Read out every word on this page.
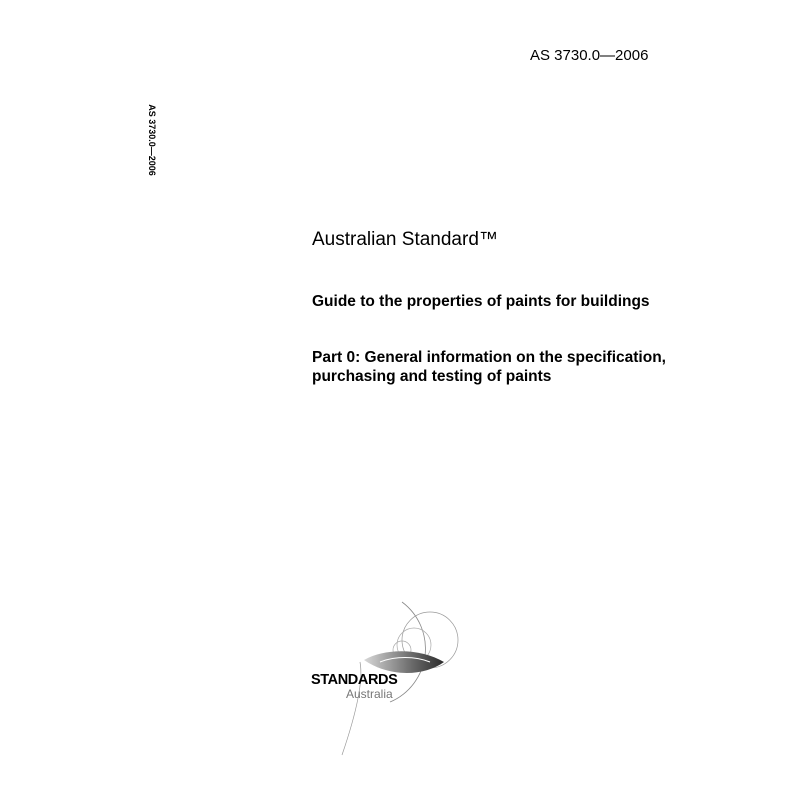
AS 3730.0—2006
AS 3730.0—2006
Australian Standard™
Guide to the properties of paints for buildings
Part 0: General information on the specification, purchasing and testing of paints
STANDARDS
Australia
